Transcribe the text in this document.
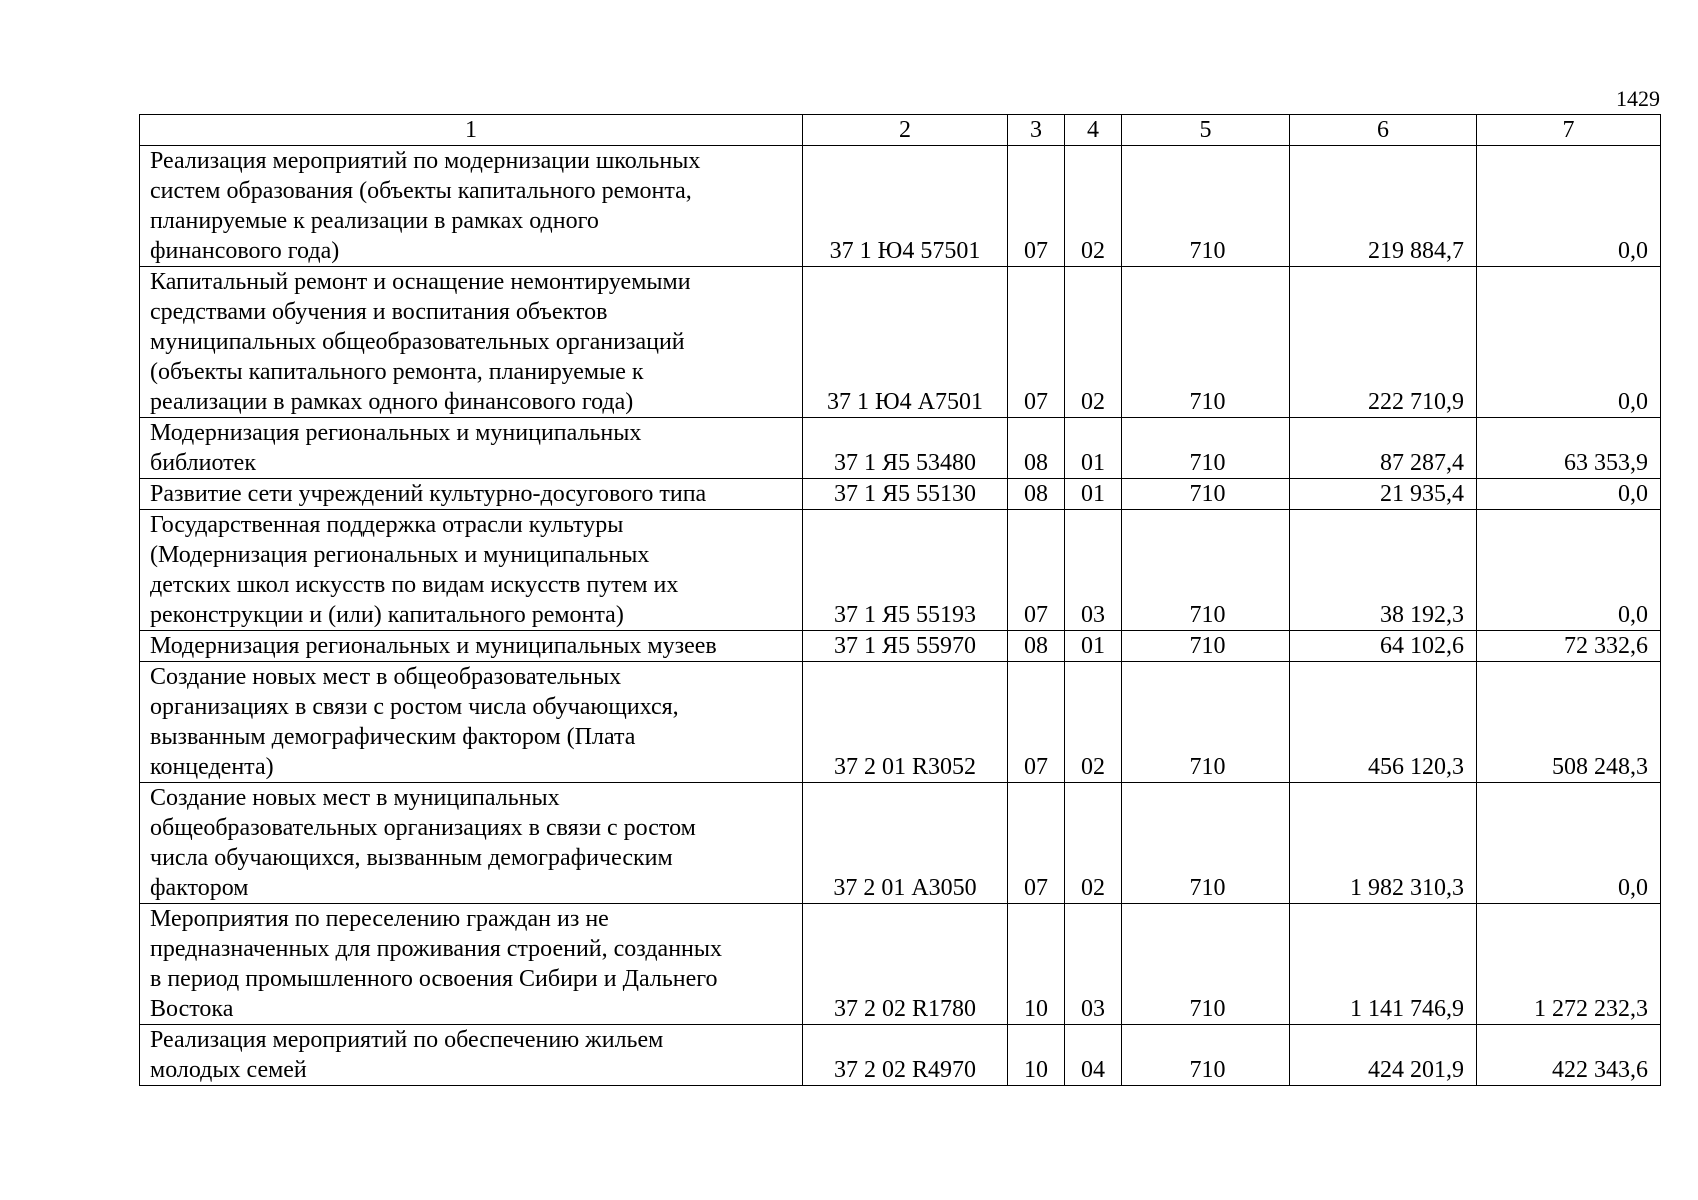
1429
1	2	3	4	5	6	7
Реализация мероприятий по модернизации школьных
систем образования (объекты капитального ремонта,
планируемые к реализации в рамках одного
финансового года)	37 1 Ю4 57501	07	02	710	219 884,7	0,0
Капитальный ремонт и оснащение немонтируемыми
средствами обучения и воспитания объектов
муниципальных общеобразовательных организаций
(объекты капитального ремонта, планируемые к
реализации в рамках одного финансового года)	37 1 Ю4 А7501	07	02	710	222 710,9	0,0
Модернизация региональных и муниципальных
библиотек	37 1 Я5 53480	08	01	710	87 287,4	63 353,9
Развитие сети учреждений культурно-досугового типа	37 1 Я5 55130	08	01	710	21 935,4	0,0
Государственная поддержка отрасли культуры
(Модернизация региональных и муниципальных
детских школ искусств по видам искусств путем их
реконструкции и (или) капитального ремонта)	37 1 Я5 55193	07	03	710	38 192,3	0,0
Модернизация региональных и муниципальных музеев	37 1 Я5 55970	08	01	710	64 102,6	72 332,6
Создание новых мест в общеобразовательных
организациях в связи с ростом числа обучающихся,
вызванным демографическим фактором (Плата
концедента)	37 2 01 R3052	07	02	710	456 120,3	508 248,3
Создание новых мест в муниципальных
общеобразовательных организациях в связи с ростом
числа обучающихся, вызванным демографическим
фактором	37 2 01 А3050	07	02	710	1 982 310,3	0,0
Мероприятия по переселению граждан из не
предназначенных для проживания строений, созданных
в период промышленного освоения Сибири и Дальнего
Востока	37 2 02 R1780	10	03	710	1 141 746,9	1 272 232,3
Реализация мероприятий по обеспечению жильем
молодых семей	37 2 02 R4970	10	04	710	424 201,9	422 343,6
